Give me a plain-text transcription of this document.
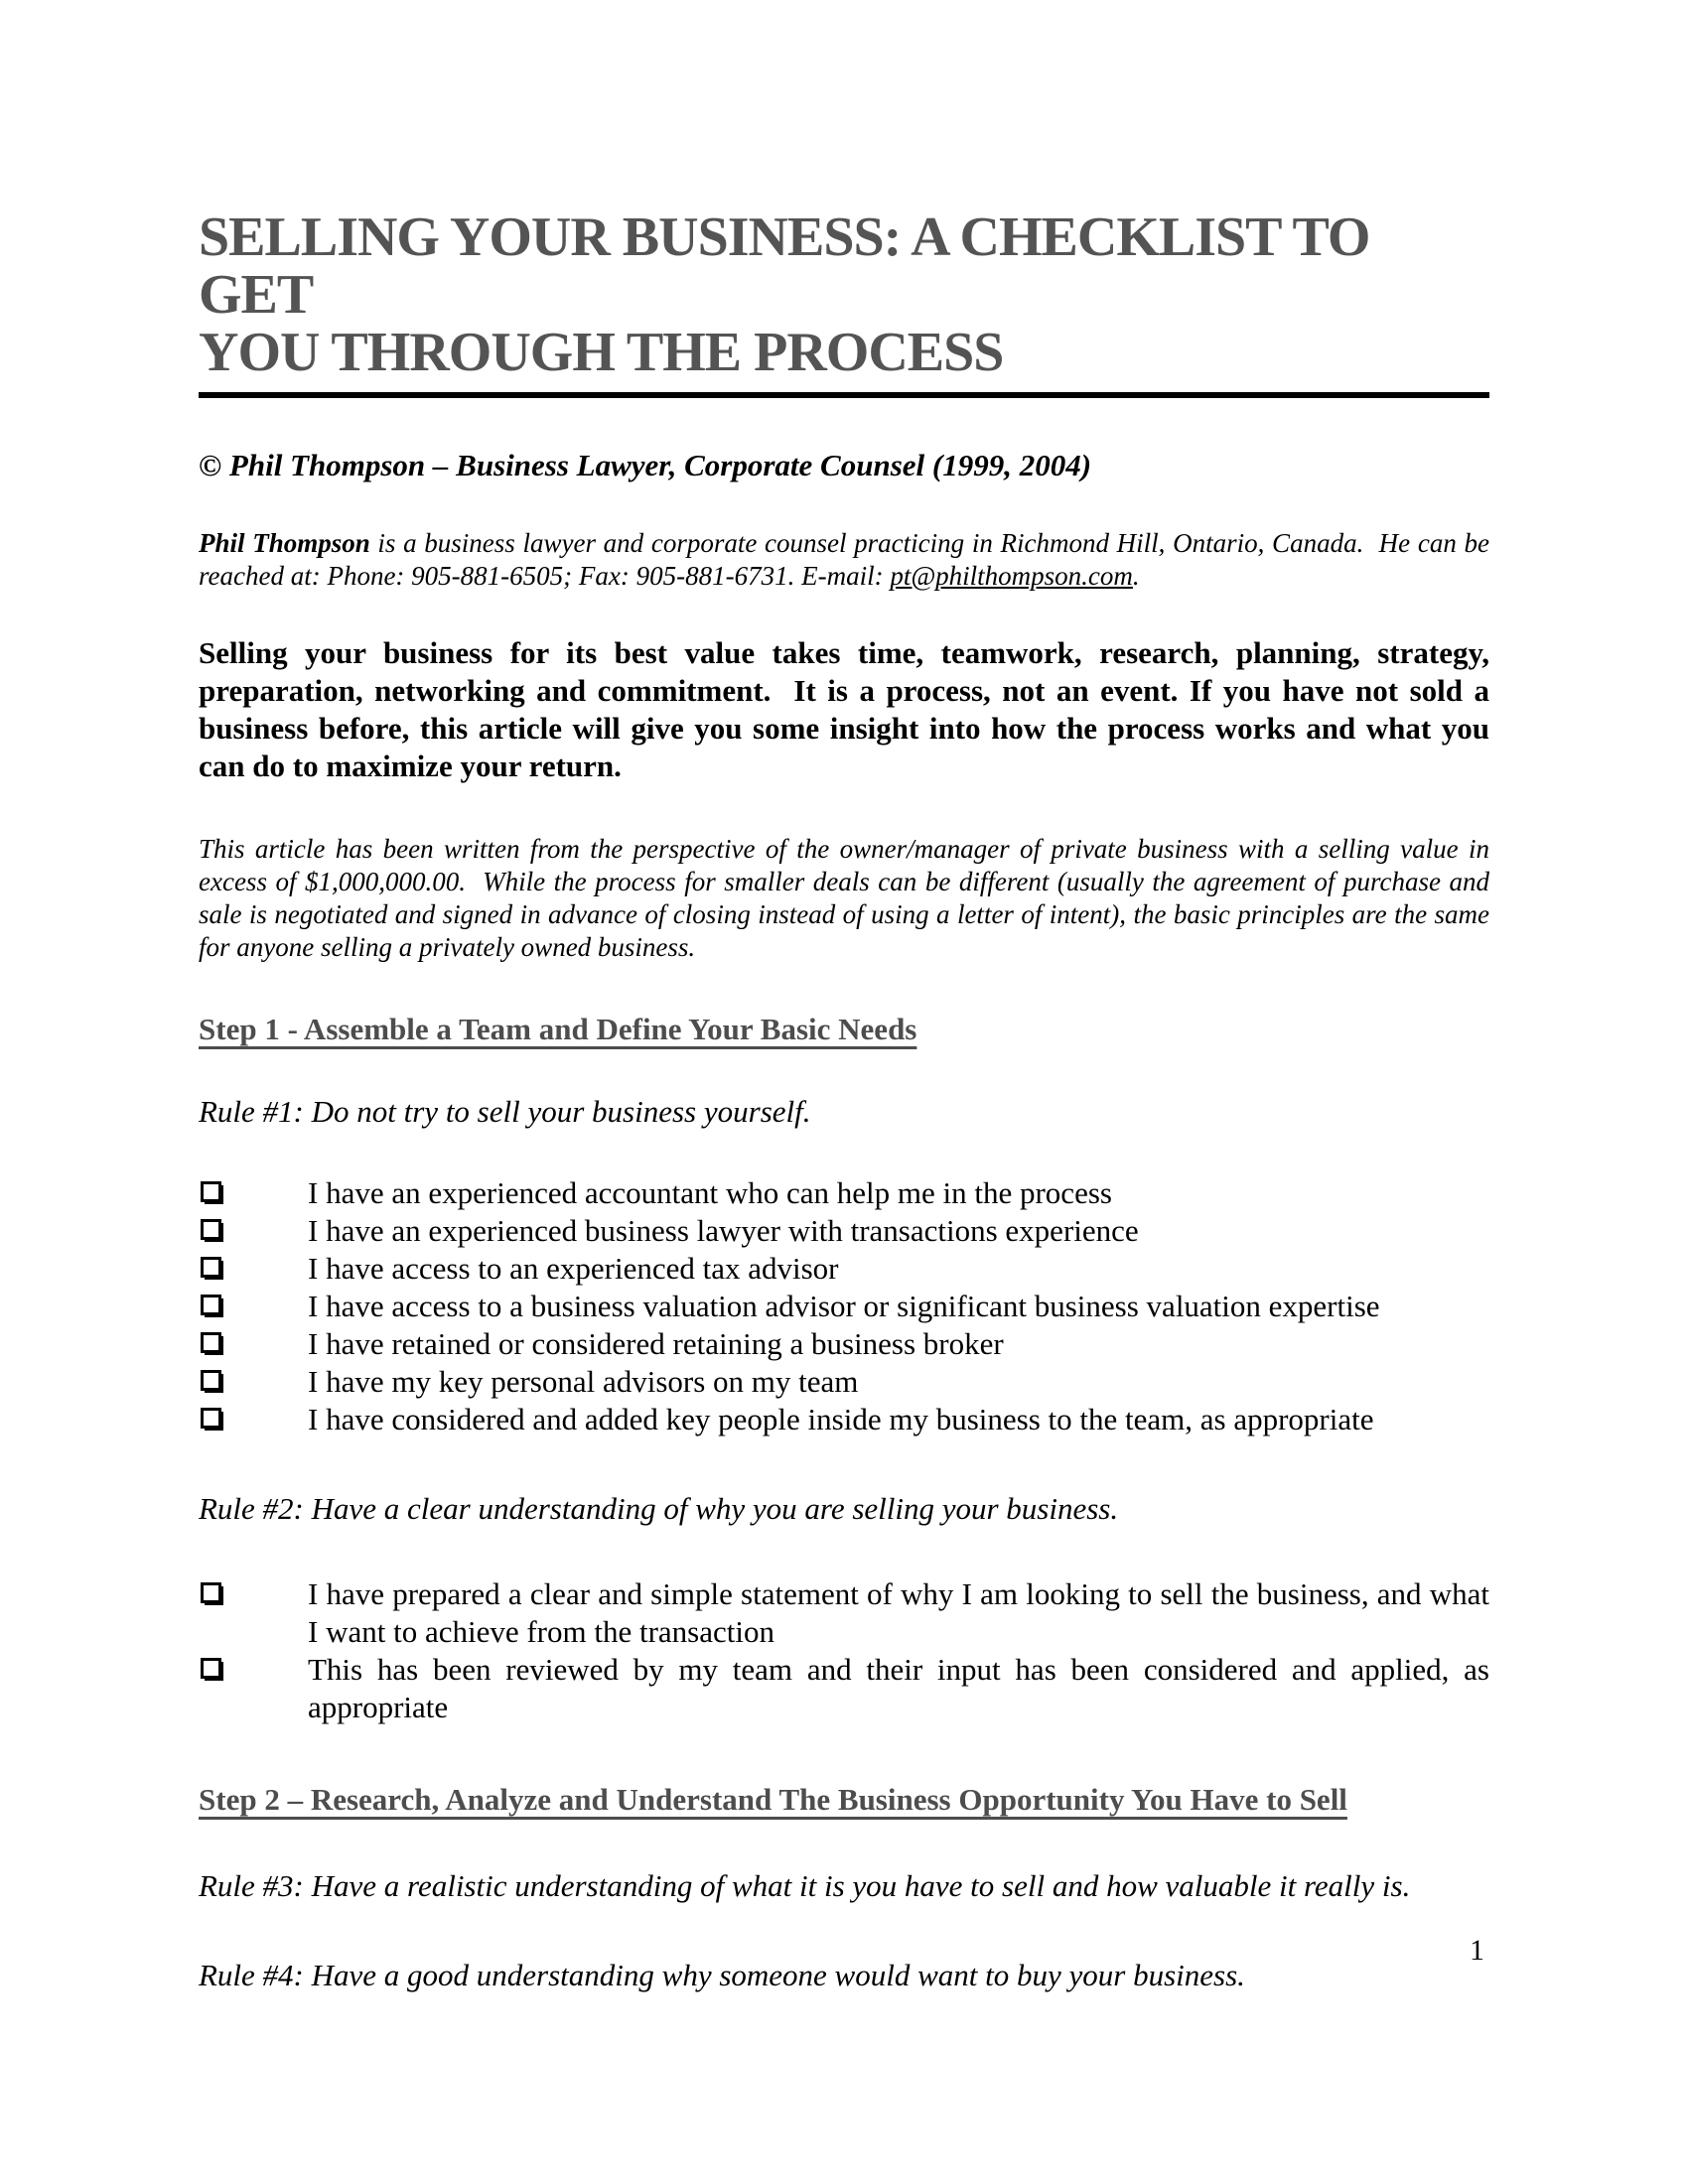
SELLING YOUR BUSINESS: A CHECKLIST TO GET
YOU THROUGH THE PROCESS

© Phil Thompson – Business Lawyer, Corporate Counsel (1999, 2004)

Phil Thompson is a business lawyer and corporate counsel practicing in Richmond Hill, Ontario, Canada.  He can be reached at: Phone: 905-881-6505; Fax: 905-881-6731. E-mail: pt@philthompson.com.

Selling your business for its best value takes time, teamwork, research, planning, strategy, preparation, networking and commitment.  It is a process, not an event. If you have not sold a business before, this article will give you some insight into how the process works and what you can do to maximize your return.

This article has been written from the perspective of the owner/manager of private business with a selling value in excess of $1,000,000.00.  While the process for smaller deals can be different (usually the agreement of purchase and sale is negotiated and signed in advance of closing instead of using a letter of intent), the basic principles are the same for anyone selling a privately owned business.

Step 1 - Assemble a Team and Define Your Basic Needs

Rule #1: Do not try to sell your business yourself.

I have an experienced accountant who can help me in the process
I have an experienced business lawyer with transactions experience
I have access to an experienced tax advisor
I have access to a business valuation advisor or significant business valuation expertise
I have retained or considered retaining a business broker
I have my key personal advisors on my team
I have considered and added key people inside my business to the team, as appropriate

Rule #2: Have a clear understanding of why you are selling your business.

I have prepared a clear and simple statement of why I am looking to sell the business, and what I want to achieve from the transaction
This has been reviewed by my team and their input has been considered and applied, as appropriate
Step 2 – Research, Analyze and Understand The Business Opportunity You Have to Sell

Rule #3: Have a realistic understanding of what it is you have to sell and how valuable it really is.

Rule #4: Have a good understanding why someone would want to buy your business.

1
